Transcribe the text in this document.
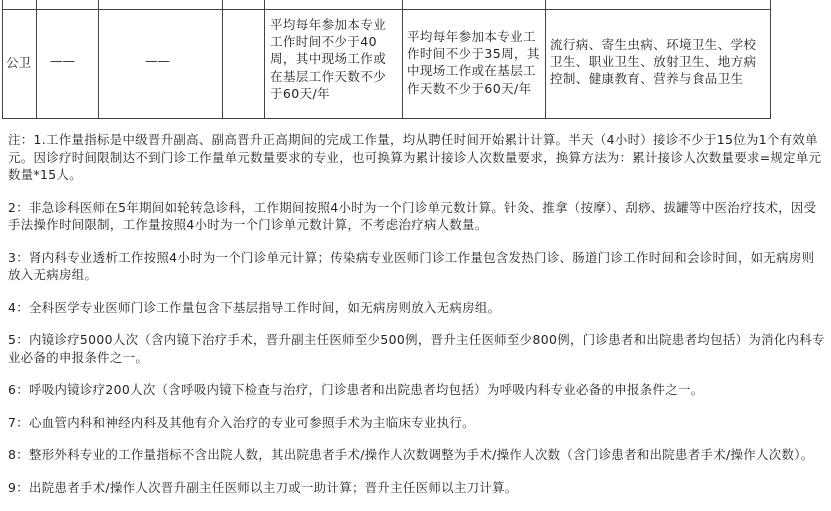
公卫 ——	——
平均每年参加本专业工作时间不少于40周，其中现场工作或在基层工作天数不少于60天/年
平均每年参加本专业工作时间不少于35周，其中现场工作或在基层工作天数不少于60天/年
流行病、寄生虫病、环境卫生、学校卫生、职业卫生、放射卫生、地方病控制、健康教育、营养与食品卫生
注：1.工作量指标是中级晋升副高、副高晋升正高期间的完成工作量，均从聘任时间开始累计计算。半天（4小时）接诊不少于15位为1个有效单元。因诊疗时间限制达不到门诊工作量单元数量要求的专业，也可换算为累计接诊人次数量要求，换算方法为：累计接诊人次数量要求=规定单元数量*15人。
2：非急诊科医师在5年期间如轮转急诊科，工作期间按照4小时为一个门诊单元数计算。针灸、推拿（按摩）、刮痧、拔罐等中医治疗技术，因受手法操作时间限制，工作量按照4小时为一个门诊单元数计算，不考虑治疗病人数量。
3：肾内科专业透析工作按照4小时为一个门诊单元计算；传染病专业医师门诊工作量包含发热门诊、肠道门诊工作时间和会诊时间，如无病房则放入无病房组。
4：全科医学专业医师门诊工作量包含下基层指导工作时间，如无病房则放入无病房组。
5：内镜诊疗5000人次（含内镜下治疗手术，晋升副主任医师至少500例，晋升主任医师至少800例，门诊患者和出院患者均包括）为消化内科专业必备的申报条件之一。
6：呼吸内镜诊疗200人次（含呼吸内镜下检查与治疗，门诊患者和出院患者均包括）为呼吸内科专业必备的申报条件之一。
7：心血管内科和神经内科及其他有介入治疗的专业可参照手术为主临床专业执行。
8：整形外科专业的工作量指标不含出院人数，其出院患者手术/操作人次数调整为手术/操作人次数（含门诊患者和出院患者手术/操作人次数）。
9：出院患者手术/操作人次晋升副主任医师以主刀或一助计算；晋升主任医师以主刀计算。
